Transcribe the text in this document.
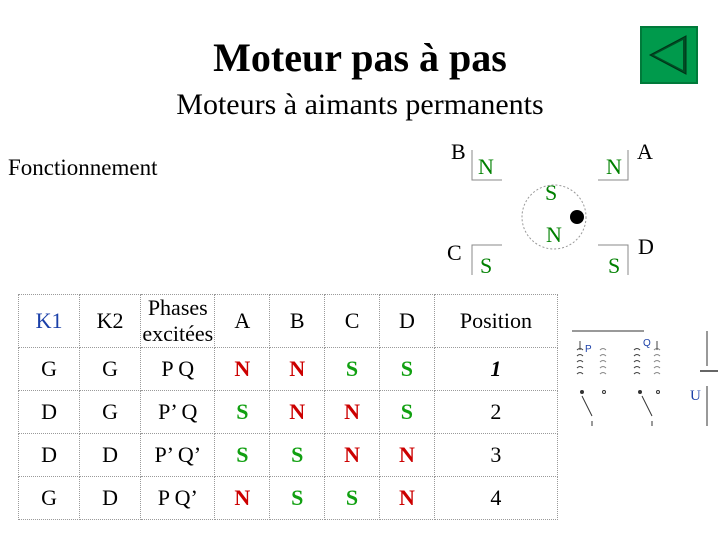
Moteur pas à pas
Moteurs à aimants permanents
Fonctionnement
B	A
C	D
N	N
S	S
S
N
K1	K2	Phases excitées	A	B	C	D	Position
G	G	P Q	N	N	S	S	1
D	G	P’ Q	S	N	N	S	2
D	D	P’ Q’	S	S	N	N	3
G	D	P Q’	N	S	S	N	4
P
Q
U
